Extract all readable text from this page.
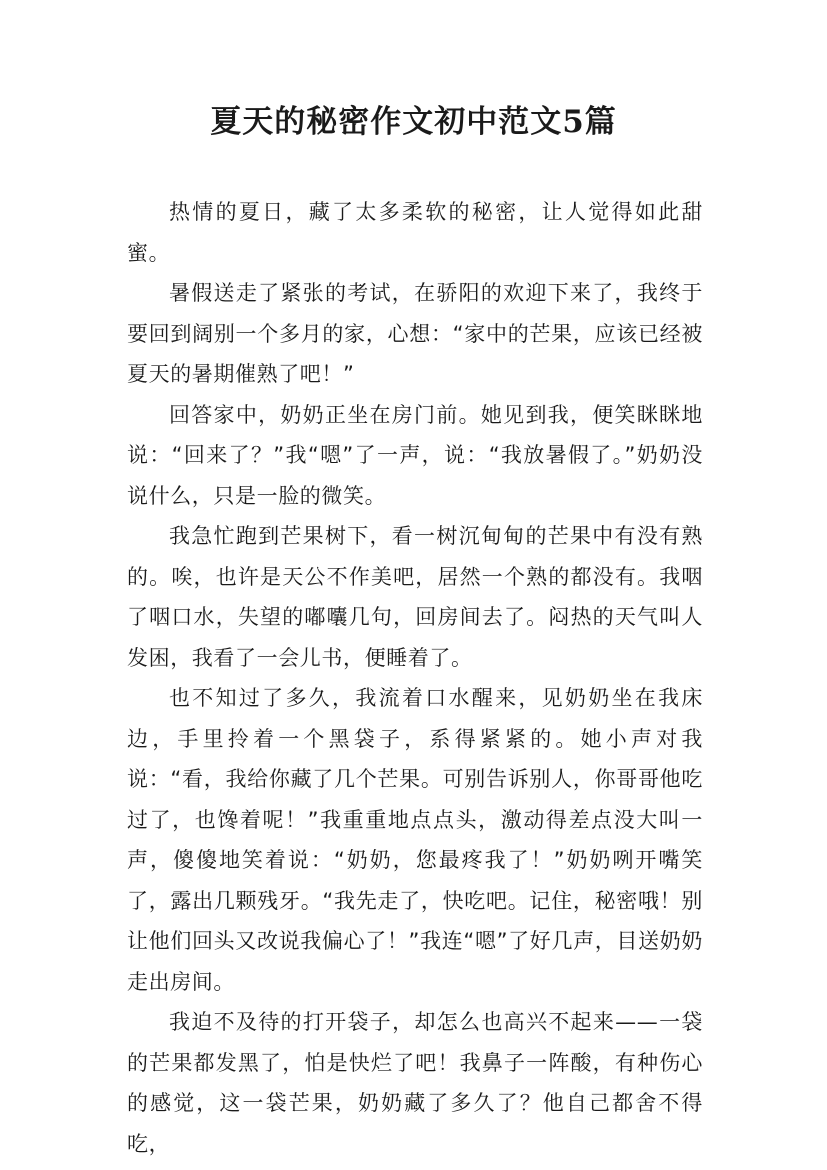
夏天的秘密作文初中范文5篇

热情的夏日，藏了太多柔软的秘密，让人觉得如此甜蜜。

暑假送走了紧张的考试，在骄阳的欢迎下来了，我终于要回到阔别一个多月的家，心想：“家中的芒果，应该已经被夏天的暑期催熟了吧！”

回答家中，奶奶正坐在房门前。她见到我，便笑眯眯地说：“回来了？”我“嗯”了一声，说：“我放暑假了。”奶奶没说什么，只是一脸的微笑。

我急忙跑到芒果树下，看一树沉甸甸的芒果中有没有熟的。唉，也许是天公不作美吧，居然一个熟的都没有。我咽了咽口水，失望的嘟囔几句，回房间去了。闷热的天气叫人发困，我看了一会儿书，便睡着了。

也不知过了多久，我流着口水醒来，见奶奶坐在我床边，手里拎着一个黑袋子，系得紧紧的。她小声对我说：“看，我给你藏了几个芒果。可别告诉别人，你哥哥他吃过了，也馋着呢！”我重重地点点头，激动得差点没大叫一声，傻傻地笑着说：“奶奶，您最疼我了！”奶奶咧开嘴笑了，露出几颗残牙。“我先走了，快吃吧。记住，秘密哦！别让他们回头又改说我偏心了！”我连“嗯”了好几声，目送奶奶走出房间。

我迫不及待的打开袋子，却怎么也高兴不起来——一袋的芒果都发黑了，怕是快烂了吧！我鼻子一阵酸，有种伤心的感觉，这一袋芒果，奶奶藏了多久了？他自己都舍不得吃，
